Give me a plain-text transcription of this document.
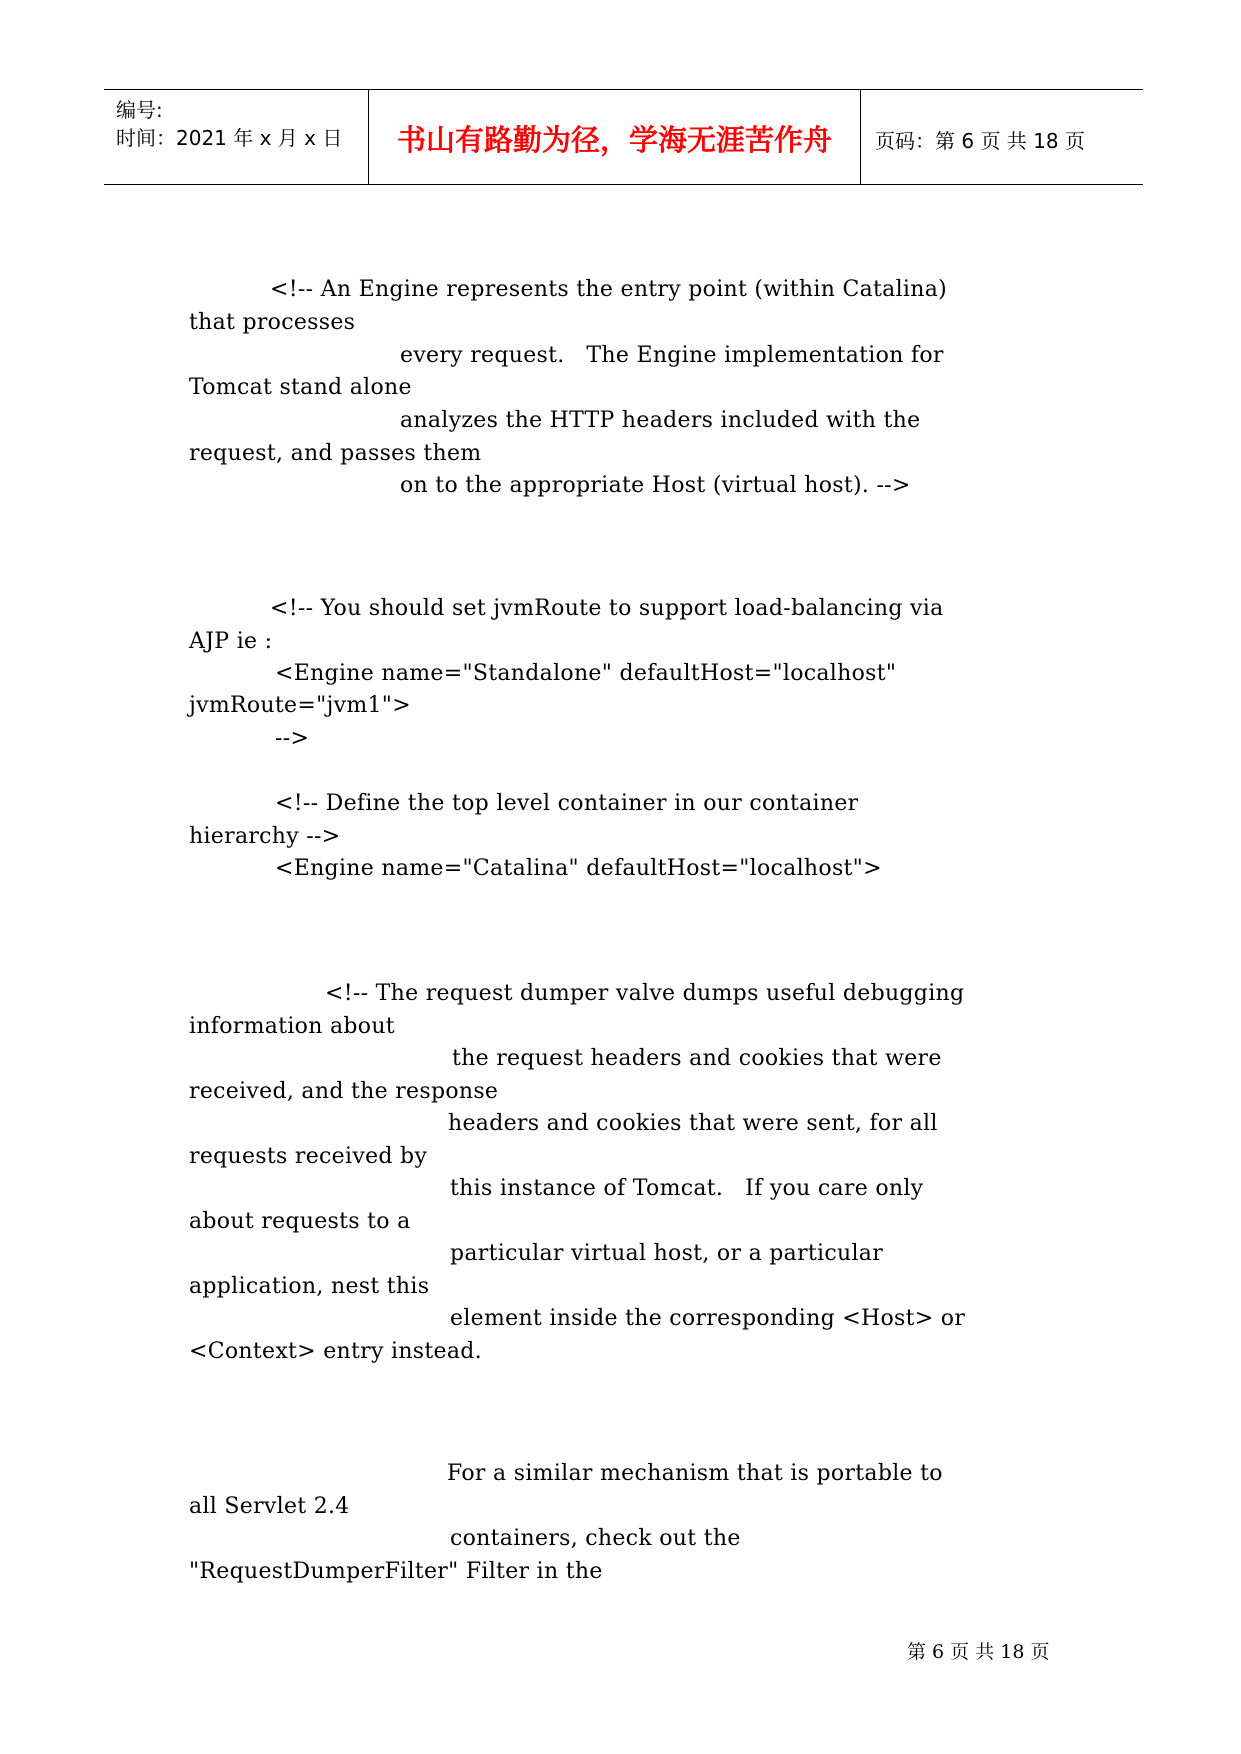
编号:
时间：2021 年 x 月 x 日	书山有路勤为径，学海无涯苦作舟	页码：第 6 页 共 18 页
<!-- An Engine represents the entry point (within Catalina)
that processes
every request.   The Engine implementation for
Tomcat stand alone
analyzes the HTTP headers included with the
request, and passes them
on to the appropriate Host (virtual host). -->
<!-- You should set jvmRoute to support load-balancing via
AJP ie :
<Engine name="Standalone" defaultHost="localhost"
jvmRoute="jvm1">
-->
<!-- Define the top level container in our container
hierarchy -->
<Engine name="Catalina" defaultHost="localhost">
<!-- The request dumper valve dumps useful debugging
information about
the request headers and cookies that were
received, and the response
headers and cookies that were sent, for all
requests received by
this instance of Tomcat.   If you care only
about requests to a
particular virtual host, or a particular
application, nest this
element inside the corresponding <Host> or
<Context> entry instead.
For a similar mechanism that is portable to
all Servlet 2.4
containers, check out the
"RequestDumperFilter" Filter in the
第 6 页 共 18 页
